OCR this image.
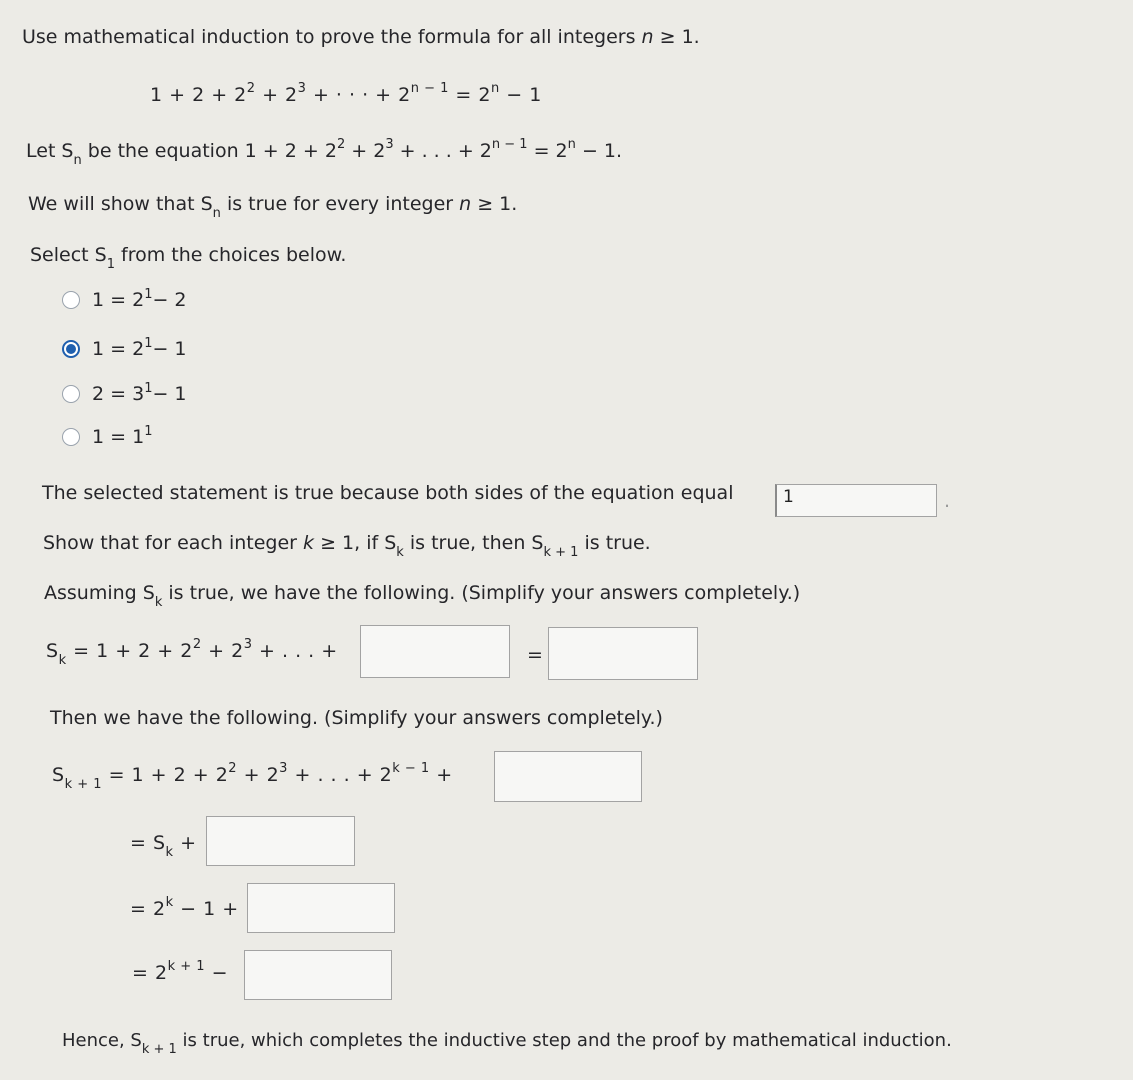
Use mathematical induction to prove the formula for all integers n ≥ 1.
$1 + 2 + 2^2 + 2^3$ + · · · + $2^{n - 1} = 2^n - 1$
Let $S_n$ be the equation $1 + 2 + 2^2 + 2^3$ + . . . + $2^{n - 1} = 2^n - 1$.
We will show that $S_n$ is true for every integer n ≥ 1.
Select $S_1$ from the choices below.
$1 = 2^1 - 2$
$1 = 2^1 - 1$
$2 = 3^1 - 1$
$1 = 1^1$
The selected statement is true because both sides of the equation equal	1	.
Show that for each integer k ≥ 1, if $S_k$ is true, then $S_{k + 1}$ is true.
Assuming $S_k$ is true, we have the following. (Simplify your answers completely.)
$S_k = 1 + 2 + 2^2 + 2^3$ + . . . +	=
Then we have the following. (Simplify your answers completely.)
$S_{k + 1} = 1 + 2 + 2^2 + 2^3$ + . . . + $2^{k - 1}$ +
= $S_k$ +
= $2^k - 1$ +
= $2^{k + 1}$ −
Hence, $S_{k + 1}$ is true, which completes the inductive step and the proof by mathematical induction.
